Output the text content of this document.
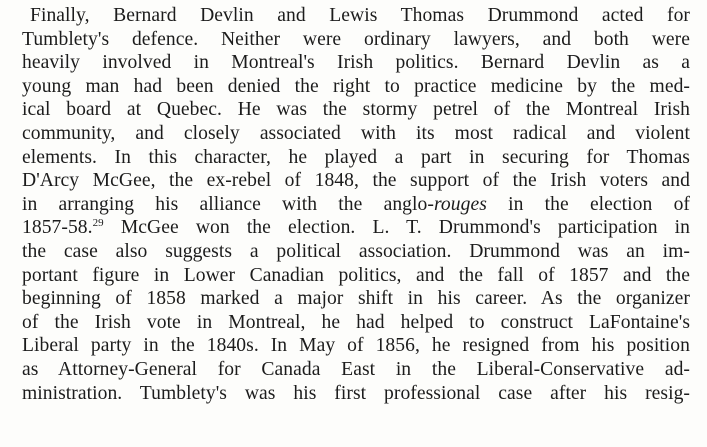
Finally, Bernard Devlin and Lewis Thomas Drummond acted for
Tumblety's defence. Neither were ordinary lawyers, and both were
heavily involved in Montreal's Irish politics. Bernard Devlin as a
young man had been denied the right to practice medicine by the med-
ical board at Quebec. He was the stormy petrel of the Montreal Irish
community, and closely associated with its most radical and violent
elements. In this character, he played a part in securing for Thomas
D'Arcy McGee, the ex-rebel of 1848, the support of the Irish voters and
in arranging his alliance with the anglo-rouges in the election of
1857-58.29 McGee won the election. L. T. Drummond's participation in
the case also suggests a political association. Drummond was an im-
portant figure in Lower Canadian politics, and the fall of 1857 and the
beginning of 1858 marked a major shift in his career. As the organizer
of the Irish vote in Montreal, he had helped to construct LaFontaine's
Liberal party in the 1840s. In May of 1856, he resigned from his position
as Attorney-General for Canada East in the Liberal-Conservative ad-
ministration. Tumblety's was his first professional case after his resig-
